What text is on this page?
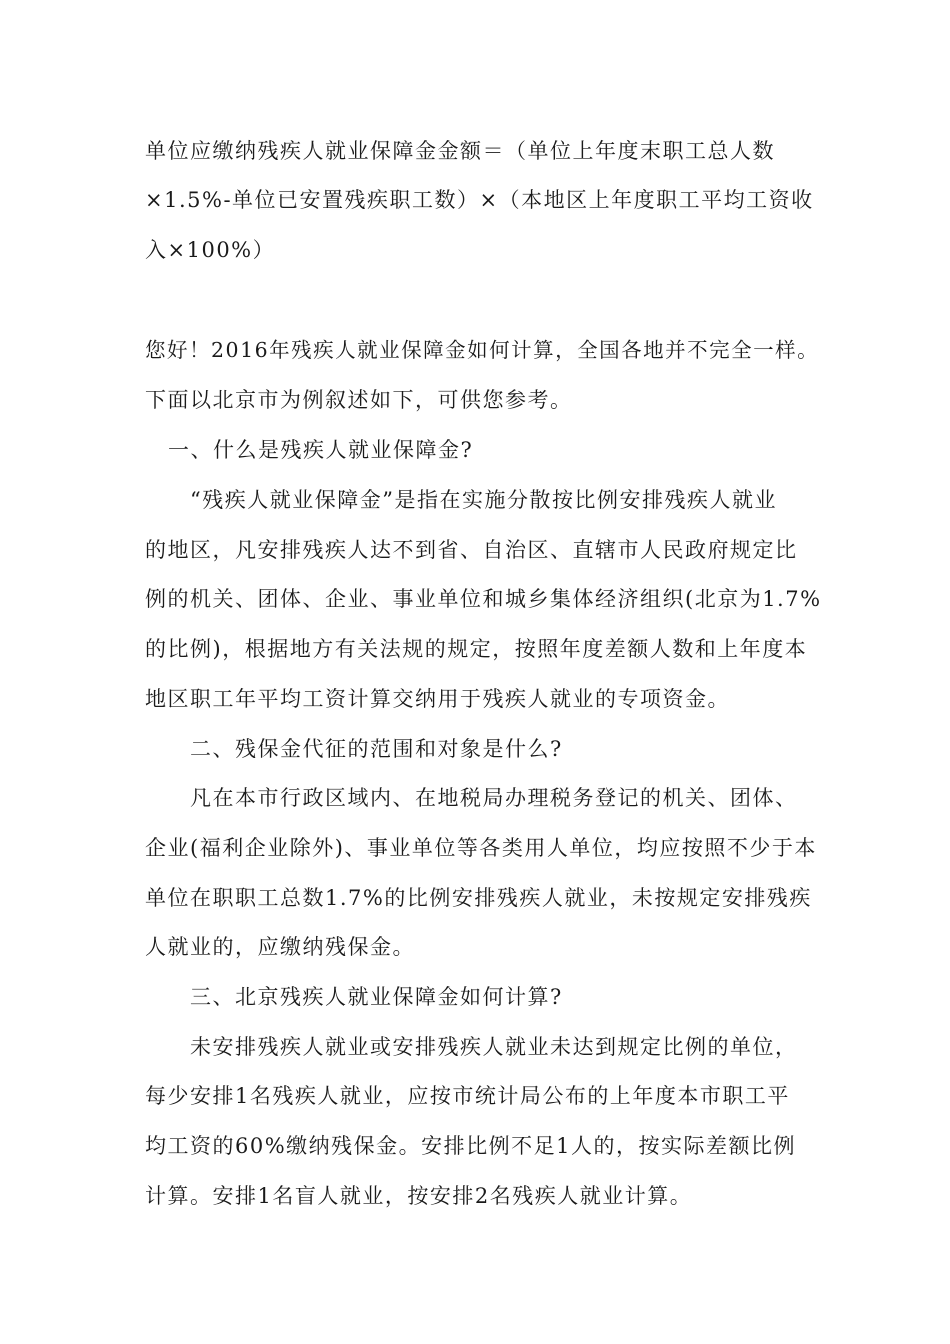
单位应缴纳残疾人就业保障金金额＝（单位上年度末职工总人数
×1.5%-单位已安置残疾职工数）×（本地区上年度职工平均工资收
入×100%）
您好！2016年残疾人就业保障金如何计算，全国各地并不完全一样。
下面以北京市为例叙述如下，可供您参考。
一、什么是残疾人就业保障金?
“残疾人就业保障金”是指在实施分散按比例安排残疾人就业
的地区，凡安排残疾人达不到省、自治区、直辖市人民政府规定比
例的机关、团体、企业、事业单位和城乡集体经济组织(北京为1.7%
的比例)，根据地方有关法规的规定，按照年度差额人数和上年度本
地区职工年平均工资计算交纳用于残疾人就业的专项资金。
二、残保金代征的范围和对象是什么?
凡在本市行政区域内、在地税局办理税务登记的机关、团体、
企业(福利企业除外)、事业单位等各类用人单位，均应按照不少于本
单位在职职工总数1.7%的比例安排残疾人就业，未按规定安排残疾
人就业的，应缴纳残保金。
三、北京残疾人就业保障金如何计算?
未安排残疾人就业或安排残疾人就业未达到规定比例的单位，
每少安排1名残疾人就业，应按市统计局公布的上年度本市职工平
均工资的60%缴纳残保金。安排比例不足1人的，按实际差额比例
计算。安排1名盲人就业，按安排2名残疾人就业计算。
